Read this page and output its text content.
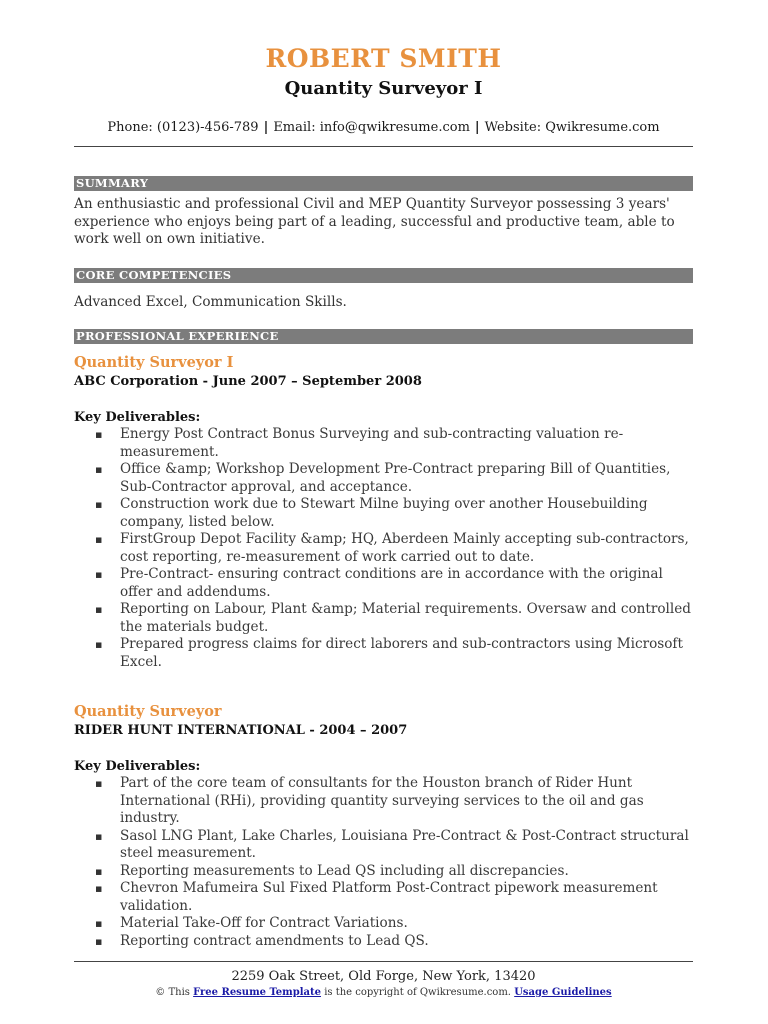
ROBERT SMITH
Quantity Surveyor I
Phone: (0123)-456-789 | Email: info@qwikresume.com | Website: Qwikresume.com
SUMMARY
An enthusiastic and professional Civil and MEP Quantity Surveyor possessing 3 years' experience who enjoys being part of a leading, successful and productive team, able to work well on own initiative.
CORE COMPETENCIES
Advanced Excel, Communication Skills.
PROFESSIONAL EXPERIENCE
Quantity Surveyor I
ABC Corporation - June 2007 – September 2008
Key Deliverables:
▪ Energy Post Contract Bonus Surveying and sub-contracting valuation re-measurement.
▪ Office &amp; Workshop Development Pre-Contract preparing Bill of Quantities, Sub-Contractor approval, and acceptance.
▪ Construction work due to Stewart Milne buying over another Housebuilding company, listed below.
▪ FirstGroup Depot Facility &amp; HQ, Aberdeen Mainly accepting sub-contractors, cost reporting, re-measurement of work carried out to date.
▪ Pre-Contract- ensuring contract conditions are in accordance with the original offer and addendums.
▪ Reporting on Labour, Plant &amp; Material requirements. Oversaw and controlled the materials budget.
▪ Prepared progress claims for direct laborers and sub-contractors using Microsoft Excel.
Quantity Surveyor
RIDER HUNT INTERNATIONAL - 2004 – 2007
Key Deliverables:
▪ Part of the core team of consultants for the Houston branch of Rider Hunt International (RHi), providing quantity surveying services to the oil and gas industry.
▪ Sasol LNG Plant, Lake Charles, Louisiana Pre-Contract & Post-Contract structural steel measurement.
▪ Reporting measurements to Lead QS including all discrepancies.
▪ Chevron Mafumeira Sul Fixed Platform Post-Contract pipework measurement validation.
▪ Material Take-Off for Contract Variations.
▪ Reporting contract amendments to Lead QS.
2259 Oak Street, Old Forge, New York, 13420
© This Free Resume Template is the copyright of Qwikresume.com. Usage Guidelines
